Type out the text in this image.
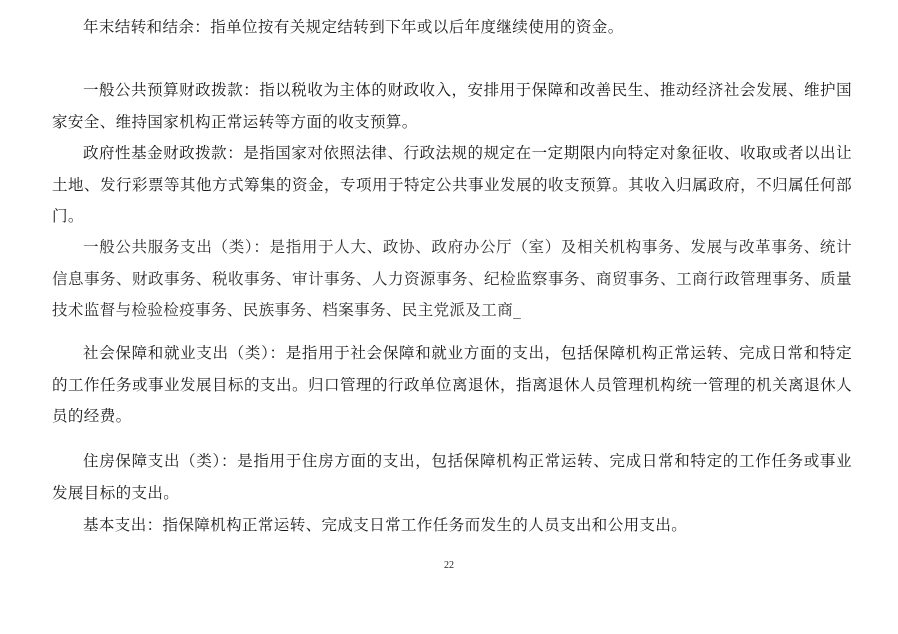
年末结转和结余：指单位按有关规定结转到下年或以后年度继续使用的资金。

一般公共预算财政拨款：指以税收为主体的财政收入，安排用于保障和改善民生、推动经济社会发展、维护国家安全、维持国家机构正常运转等方面的收支预算。

政府性基金财政拨款：是指国家对依照法律、行政法规的规定在一定期限内向特定对象征收、收取或者以出让土地、发行彩票等其他方式筹集的资金，专项用于特定公共事业发展的收支预算。其收入归属政府，不归属任何部门。

一般公共服务支出（类）：是指用于人大、政协、政府办公厅（室）及相关机构事务、发展与改革事务、统计信息事务、财政事务、税收事务、审计事务、人力资源事务、纪检监察事务、商贸事务、工商行政管理事务、质量技术监督与检验检疫事务、民族事务、档案事务、民主党派及工商_

社会保障和就业支出（类）：是指用于社会保障和就业方面的支出，包括保障机构正常运转、完成日常和特定的工作任务或事业发展目标的支出。归口管理的行政单位离退休，指离退休人员管理机构统一管理的机关离退休人员的经费。

住房保障支出（类）：是指用于住房方面的支出，包括保障机构正常运转、完成日常和特定的工作任务或事业发展目标的支出。

基本支出：指保障机构正常运转、完成支日常工作任务而发生的人员支出和公用支出。

22
